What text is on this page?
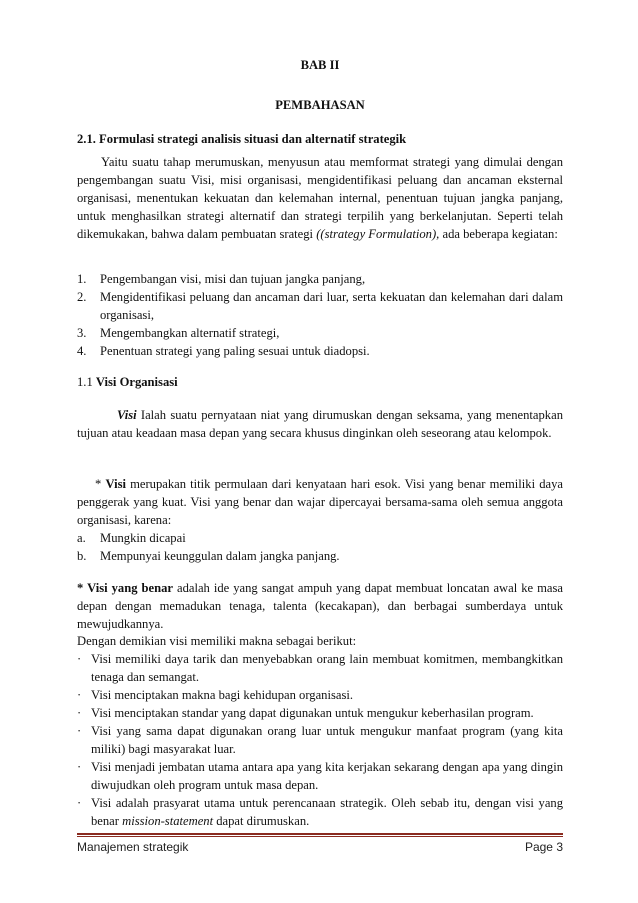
BAB II
PEMBAHASAN

2.1. Formulasi strategi analisis situasi dan alternatif strategik

Yaitu suatu tahap merumuskan, menyusun atau memformat strategi yang dimulai dengan pengembangan suatu Visi, misi organisasi, mengidentifikasi peluang dan ancaman eksternal organisasi, menentukan kekuatan dan kelemahan internal, penentuan tujuan jangka panjang, untuk menghasilkan strategi alternatif dan strategi terpilih yang berkelanjutan. Seperti telah dikemukakan, bahwa dalam pembuatan srategi ((strategy Formulation), ada beberapa kegiatan:

1. Pengembangan visi, misi dan tujuan jangka panjang,
2. Mengidentifikasi peluang dan ancaman dari luar, serta kekuatan dan kelemahan dari dalam organisasi,
3. Mengembangkan alternatif strategi,
4. Penentuan strategi yang paling sesuai untuk diadopsi.

1.1 Visi Organisasi

Visi Ialah suatu pernyataan niat yang dirumuskan dengan seksama, yang menentapkan tujuan atau keadaan masa depan yang secara khusus dinginkan oleh seseorang atau kelompok.

* Visi merupakan titik permulaan dari kenyataan hari esok. Visi yang benar memiliki daya penggerak yang kuat. Visi yang benar dan wajar dipercayai bersama-sama oleh semua anggota organisasi, karena:

a. Mungkin dicapai
b. Mempunyai keunggulan dalam jangka panjang.

* Visi yang benar adalah ide yang sangat ampuh yang dapat membuat loncatan awal ke masa depan dengan memadukan tenaga, talenta (kecakapan), dan berbagai sumberdaya untuk mewujudkannya.

Dengan demikian visi memiliki makna sebagai berikut:

· Visi memiliki daya tarik dan menyebabkan orang lain membuat komitmen, membangkitkan tenaga dan semangat.
· Visi menciptakan makna bagi kehidupan organisasi.
· Visi menciptakan standar yang dapat digunakan untuk mengukur keberhasilan program.
· Visi yang sama dapat digunakan orang luar untuk mengukur manfaat program (yang kita miliki) bagi masyarakat luar.
· Visi menjadi jembatan utama antara apa yang kita kerjakan sekarang dengan apa yang dingin diwujudkan oleh program untuk masa depan.
· Visi adalah prasyarat utama untuk perencanaan strategik. Oleh sebab itu, dengan visi yang benar mission-statement dapat dirumuskan.
Manajemen strategik	Page 3
